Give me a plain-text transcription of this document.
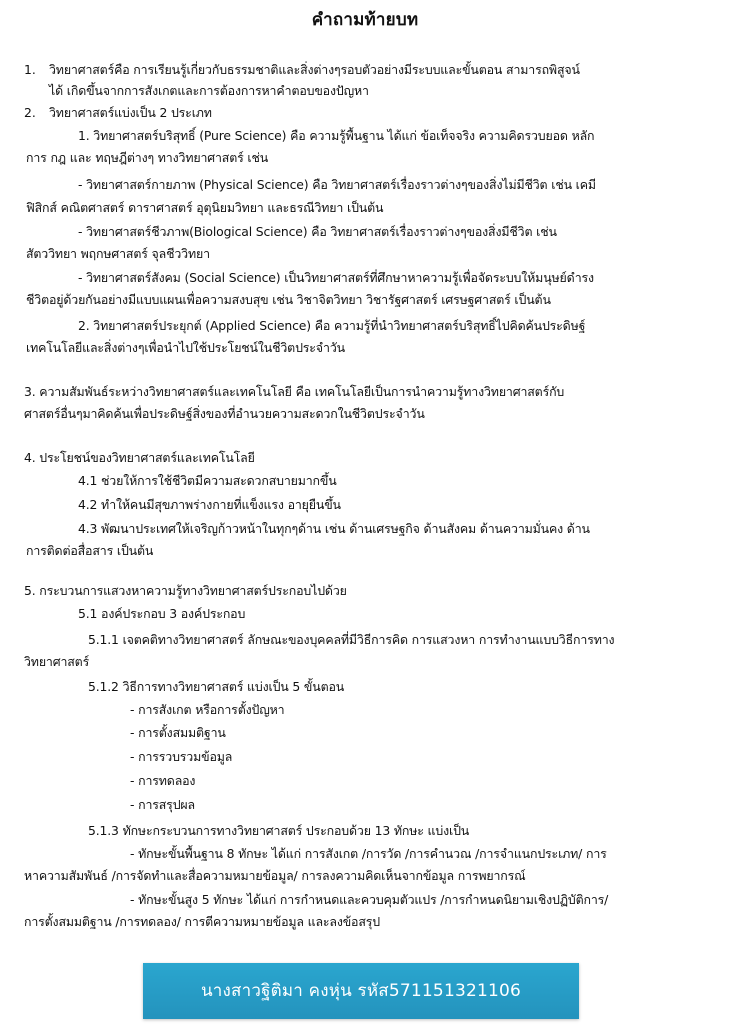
คำถามท้ายบท
1. วิทยาศาสตร์คือ การเรียนรู้เกี่ยวกับธรรมชาติและสิ่งต่างๆรอบตัวอย่างมีระบบและขั้นตอน สามารถพิสูจน์
ได้ เกิดขึ้นจากการสังเกตและการต้องการหาคำตอบของปัญหา
2. วิทยาศาสตร์แบ่งเป็น 2 ประเภท
1. วิทยาศาสตร์บริสุทธิ์ (Pure Science) คือ ความรู้พื้นฐาน ได้แก่ ข้อเท็จจริง ความคิดรวบยอด หลัก
การ กฎ และ ทฤษฎีต่างๆ ทางวิทยาศาสตร์ เช่น
- วิทยาศาสตร์กายภาพ (Physical Science) คือ วิทยาศาสตร์เรื่องราวต่างๆของสิ่งไม่มีชีวิต เช่น เคมี
ฟิสิกส์ คณิตศาสตร์ ดาราศาสตร์ อุตุนิยมวิทยา และธรณีวิทยา เป็นต้น
- วิทยาศาสตร์ชีวภาพ(Biological Science) คือ วิทยาศาสตร์เรื่องราวต่างๆของสิ่งมีชีวิต เช่น
สัตววิทยา พฤกษศาสตร์ จุลชีววิทยา
- วิทยาศาสตร์สังคม (Social Science) เป็นวิทยาศาสตร์ที่ศึกษาหาความรู้เพื่อจัดระบบให้มนุษย์ดำรง
ชีวิตอยู่ด้วยกันอย่างมีแบบแผนเพื่อความสงบสุข เช่น วิชาจิตวิทยา วิชารัฐศาสตร์ เศรษฐศาสตร์ เป็นต้น
2. วิทยาศาสตร์ประยุกต์ (Applied Science) คือ ความรู้ที่นำวิทยาศาสตร์บริสุทธิ์ไปคิดค้นประดิษฐ์
เทคโนโลยีและสิ่งต่างๆเพื่อนำไปใช้ประโยชน์ในชีวิตประจำวัน
3. ความสัมพันธ์ระหว่างวิทยาศาสตร์และเทคโนโลยี คือ เทคโนโลยีเป็นการนำความรู้ทางวิทยาศาสตร์กับ
ศาสตร์อื่นๆมาคิดค้นเพื่อประดิษฐ์สิ่งของที่อำนวยความสะดวกในชีวิตประจำวัน
4. ประโยชน์ของวิทยาศาสตร์และเทคโนโลยี
4.1 ช่วยให้การใช้ชีวิตมีความสะดวกสบายมากขึ้น
4.2 ทำให้คนมีสุขภาพร่างกายที่แข็งแรง อายุยืนขึ้น
4.3 พัฒนาประเทศให้เจริญก้าวหน้าในทุกๆด้าน เช่น ด้านเศรษฐกิจ ด้านสังคม ด้านความมั่นคง ด้าน
การติดต่อสื่อสาร เป็นต้น
5. กระบวนการแสวงหาความรู้ทางวิทยาศาสตร์ประกอบไปด้วย
5.1 องค์ประกอบ 3 องค์ประกอบ
5.1.1 เจตคติทางวิทยาศาสตร์ ลักษณะของบุคคลที่มีวิธีการคิด การแสวงหา การทำงานแบบวิธีการทาง
วิทยาศาสตร์
5.1.2 วิธีการทางวิทยาศาสตร์ แบ่งเป็น 5 ขั้นตอน
- การสังเกต หรือการตั้งปัญหา
- การตั้งสมมติฐาน
- การรวบรวมข้อมูล
- การทดลอง
- การสรุปผล
5.1.3 ทักษะกระบวนการทางวิทยาศาสตร์ ประกอบด้วย 13 ทักษะ แบ่งเป็น
- ทักษะขั้นพื้นฐาน 8 ทักษะ ได้แก่ การสังเกต /การวัด /การคำนวณ /การจำแนกประเภท/ การ
หาความสัมพันธ์ /การจัดทำและสื่อความหมายข้อมูล/ การลงความคิดเห็นจากข้อมูล การพยากรณ์
- ทักษะขั้นสูง 5 ทักษะ ได้แก่ การกำหนดและควบคุมตัวแปร /การกำหนดนิยามเชิงปฏิบัติการ/
การตั้งสมมติฐาน /การทดลอง/ การตีความหมายข้อมูล และลงข้อสรุป
นางสาวฐิติมา คงหุ่น รหัส571151321106
